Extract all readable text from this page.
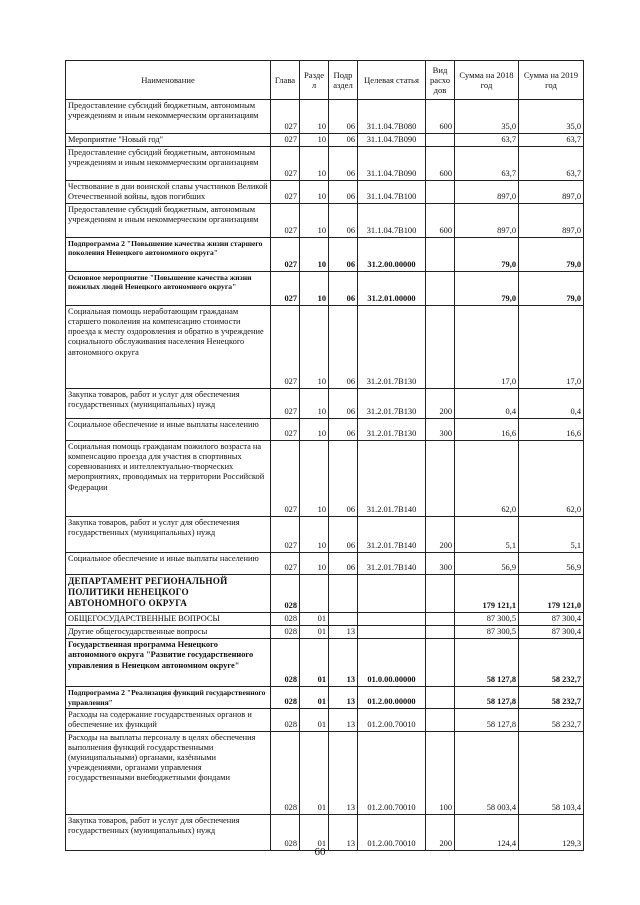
Наименование	Глава	Разде л	Подр аздел	Целевая статья	Вид расхо дов	Сумма на 2018 год	Сумма на 2019 год
Предоставление субсидий бюджетным, автономным учреждениям и иным некоммерческим организациям	027	10	06	31.1.04.7В080	600	35,0	35,0
Мероприятие "Новый год"	027	10	06	31.1.04.7В090		63,7	63,7
Предоставление субсидий бюджетным, автономным учреждениям и иным некоммерческим организациям	027	10	06	31.1.04.7В090	600	63,7	63,7
Чествование в дни воинской славы участников Великой Отечественной войны, вдов погибших	027	10	06	31.1.04.7В100		897,0	897,0
Предоставление субсидий бюджетным, автономным учреждениям и иным некоммерческим организациям	027	10	06	31.1.04.7В100	600	897,0	897,0
Подпрограмма 2 "Повышение качества жизни старшего поколения Ненецкого автономного округа"	027	10	06	31.2.00.00000		79,0	79,0
Основное мероприятие "Повышение качества жизни пожилых людей Ненецкого автономного округа"	027	10	06	31.2.01.00000		79,0	79,0
Социальная помощь неработающим гражданам старшего поколения на компенсацию стоимости проезда к месту оздоровления и обратно в учреждение социального обслуживания населения Ненецкого автономного округа	027	10	06	31.2.01.7В130		17,0	17,0
Закупка товаров, работ и услуг для обеспечения государственных (муниципальных) нужд	027	10	06	31.2.01.7В130	200	0,4	0,4
Социальное обеспечение и иные выплаты населению	027	10	06	31.2.01.7В130	300	16,6	16,6
Социальная помощь гражданам пожилого возраста на компенсацию проезда для участия в спортивных соревнованиях и интеллектуально-творческих мероприятиях, проводимых на территории Российской Федерации	027	10	06	31.2.01.7В140		62,0	62,0
Закупка товаров, работ и услуг для обеспечения государственных (муниципальных) нужд	027	10	06	31.2.01.7В140	200	5,1	5,1
Социальное обеспечение и иные выплаты населению	027	10	06	31.2.01.7В140	300	56,9	56,9
ДЕПАРТАМЕНТ РЕГИОНАЛЬНОЙ ПОЛИТИКИ НЕНЕЦКОГО АВТОНОМНОГО ОКРУГА	028					179 121,1	179 121,0
ОБЩЕГОСУДАРСТВЕННЫЕ ВОПРОСЫ	028	01				87 300,5	87 300,4
Другие общегосударственные вопросы	028	01	13			87 300,5	87 300,4
Государственная программа Ненецкого автономного округа "Развитие государственного управления в Ненецком автономном округе"	028	01	13	01.0.00.00000		58 127,8	58 232,7
Подпрограмма 2 "Реализация функций государственного управления"	028	01	13	01.2.00.00000		58 127,8	58 232,7
Расходы на содержание государственных органов и обеспечение их функций	028	01	13	01.2.00.70010		58 127,8	58 232,7
Расходы на выплаты персоналу в целях обеспечения выполнения функций государственными (муниципальными) органами, казёнными учреждениями, органами управления государственными внебюджетными фондами	028	01	13	01.2.00.70010	100	58 003,4	58 103,4
Закупка товаров, работ и услуг для обеспечения государственных (муниципальных) нужд	028	01	13	01.2.00.70010	200	124,4	129,3
60
